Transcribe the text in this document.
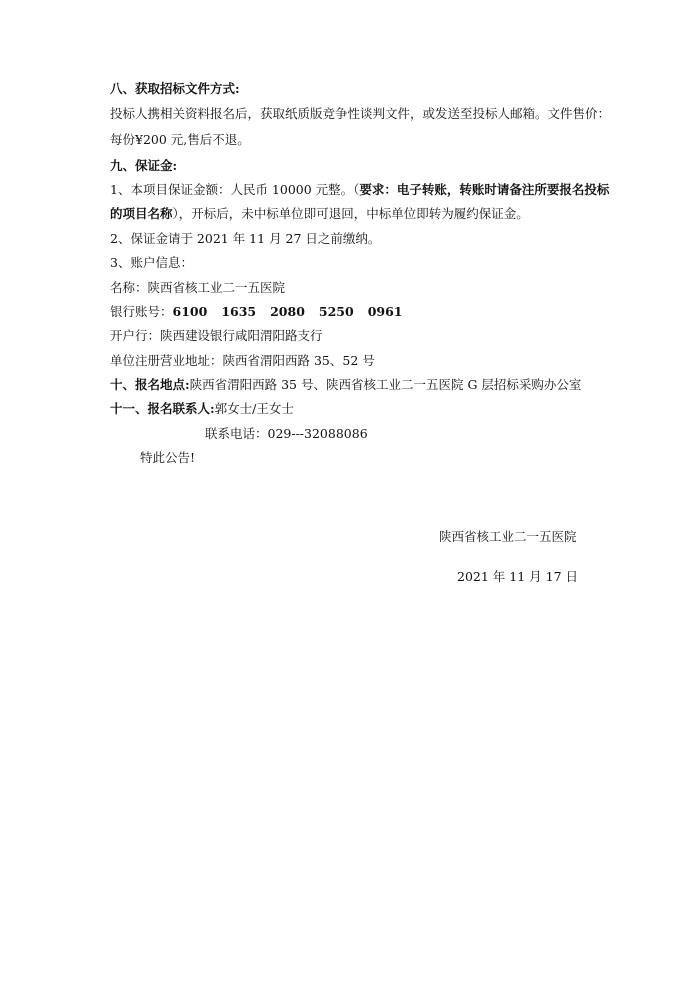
八、获取招标文件方式:
投标人携相关资料报名后，获取纸质版竞争性谈判文件，或发送至投标人邮箱。文件售价：
每份¥200 元,售后不退。
九、保证金:
1、本项目保证金额：人民币 10000 元整。（要求：电子转账，转账时请备注所要报名投标
的项目名称），开标后，未中标单位即可退回，中标单位即转为履约保证金。
2、保证金请于 2021 年 11 月 27 日之前缴纳。
3、账户信息：
名称：陕西省核工业二一五医院
银行账号：6100 1635 2080 5250 0961
开户行：陕西建设银行咸阳渭阳路支行
单位注册营业地址：陕西省渭阳西路 35、52 号
十、报名地点:陕西省渭阳西路 35 号、陕西省核工业二一五医院 G 层招标采购办公室
十一、报名联系人:郭女士/王女士
联系电话：029---32088086
特此公告!
陕西省核工业二一五医院
2021 年 11 月 17 日
